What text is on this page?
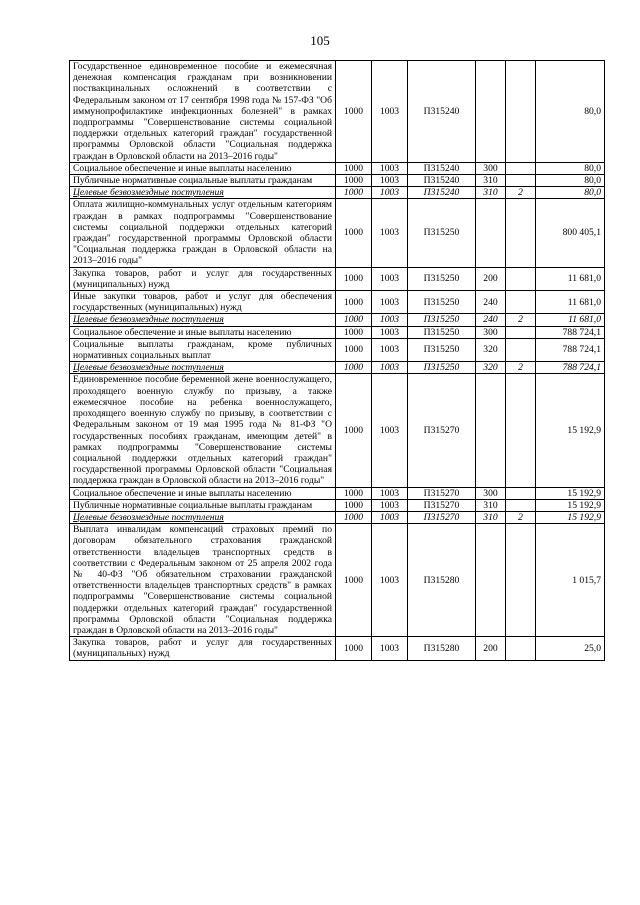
105
Государственное единовременное пособие и ежемесячная денежная компенсация гражданам при возникновении поствакцинальных осложнений в соответствии с Федеральным законом от 17 сентября 1998 года № 157-ФЗ "Об иммунопрофилактике инфекционных болезней" в рамках подпрограммы "Совершенствование системы социальной поддержки отдельных категорий граждан" государственной программы Орловской области "Социальная поддержка граждан в Орловской области на 2013–2016 годы"	1000	1003	П315240			80,0
Социальное обеспечение и иные выплаты населению	1000	1003	П315240	300		80,0
Публичные нормативные социальные выплаты гражданам	1000	1003	П315240	310		80,0
Целевые безвозмездные поступления	1000	1003	П315240	310	2	80,0
Оплата жилищно-коммунальных услуг отдельным категориям граждан в рамках подпрограммы "Совершенствование системы социальной поддержки отдельных категорий граждан" государственной программы Орловской области "Социальная поддержка граждан в Орловской области на 2013–2016 годы"	1000	1003	П315250			800 405,1
Закупка товаров, работ и услуг для государственных (муниципальных) нужд	1000	1003	П315250	200		11 681,0
Иные закупки товаров, работ и услуг для обеспечения государственных (муниципальных) нужд	1000	1003	П315250	240		11 681,0
Целевые безвозмездные поступления	1000	1003	П315250	240	2	11 681,0
Социальное обеспечение и иные выплаты населению	1000	1003	П315250	300		788 724,1
Социальные выплаты гражданам, кроме публичных нормативных социальных выплат	1000	1003	П315250	320		788 724,1
Целевые безвозмездные поступления	1000	1003	П315250	320	2	788 724,1
Единовременное пособие беременной жене военнослужащего, проходящего военную службу по призыву, а также ежемесячное пособие на ребенка военнослужащего, проходящего военную службу по призыву, в соответствии с Федеральным законом от 19 мая 1995 года № 81-ФЗ "О государственных пособиях гражданам, имеющим детей" в рамках подпрограммы "Совершенствование системы социальной поддержки отдельных категорий граждан" государственной программы Орловской области "Социальная поддержка граждан в Орловской области на 2013–2016 годы"	1000	1003	П315270			15 192,9
Социальное обеспечение и иные выплаты населению	1000	1003	П315270	300		15 192,9
Публичные нормативные социальные выплаты гражданам	1000	1003	П315270	310		15 192,9
Целевые безвозмездные поступления	1000	1003	П315270	310	2	15 192,9
Выплата инвалидам компенсаций страховых премий по договорам обязательного страхования гражданской ответственности владельцев транспортных средств в соответствии с Федеральным законом от 25 апреля 2002 года № 40-ФЗ "Об обязательном страховании гражданской ответственности владельцев транспортных средств" в рамках подпрограммы "Совершенствование системы социальной поддержки отдельных категорий граждан" государственной программы Орловской области "Социальная поддержка граждан в Орловской области на 2013–2016 годы"	1000	1003	П315280			1 015,7
Закупка товаров, работ и услуг для государственных (муниципальных) нужд	1000	1003	П315280	200		25,0
